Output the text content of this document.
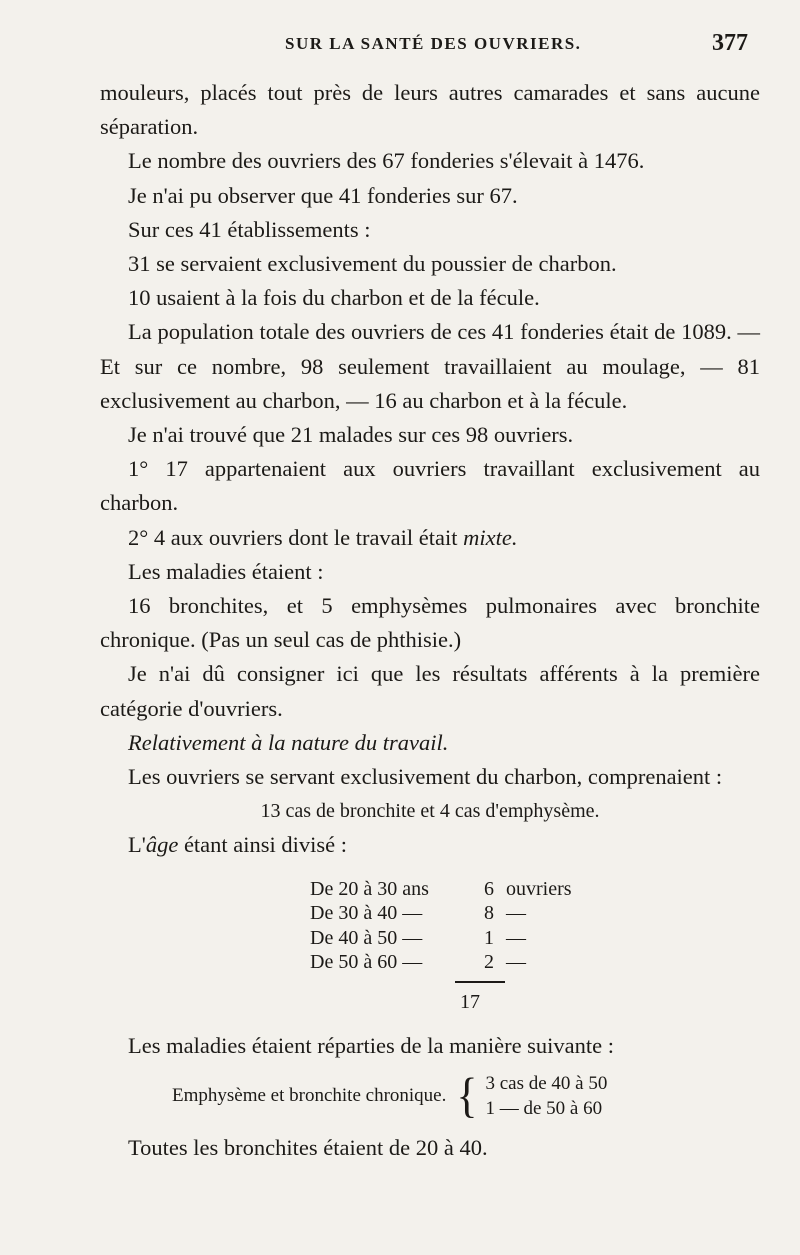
SUR LA SANTÉ DES OUVRIERS.	377

mouleurs, placés tout près de leurs autres camarades et sans aucune séparation.

Le nombre des ouvriers des 67 fonderies s'élevait à 1476.

Je n'ai pu observer que 41 fonderies sur 67.

Sur ces 41 établissements :

31 se servaient exclusivement du poussier de charbon.

10 usaient à la fois du charbon et de la fécule.

La population totale des ouvriers de ces 41 fonderies était de 1089. — Et sur ce nombre, 98 seulement travaillaient au moulage, — 81 exclusivement au charbon, — 16 au charbon et à la fécule.

Je n'ai trouvé que 21 malades sur ces 98 ouvriers.

1° 17 appartenaient aux ouvriers travaillant exclusivement au charbon.

2° 4 aux ouvriers dont le travail était mixte.

Les maladies étaient :

16 bronchites, et 5 emphysèmes pulmonaires avec bronchite chronique. (Pas un seul cas de phthisie.)

Je n'ai dû consigner ici que les résultats afférents à la première catégorie d'ouvriers.

Relativement à la nature du travail.

Les ouvriers se servant exclusivement du charbon, comprenaient :

13 cas de bronchite et 4 cas d'emphysème.

L'âge étant ainsi divisé :

De 20 à 30 ans	6 ouvriers
De 30 à 40 —	8 —
De 40 à 50 —	1 —
De 50 à 60 —	2 —
17

Les maladies étaient réparties de la manière suivante :

Emphysème et bronchite chronique. { 3 cas de 40 à 50
1 — de 50 à 60

Toutes les bronchites étaient de 20 à 40.
